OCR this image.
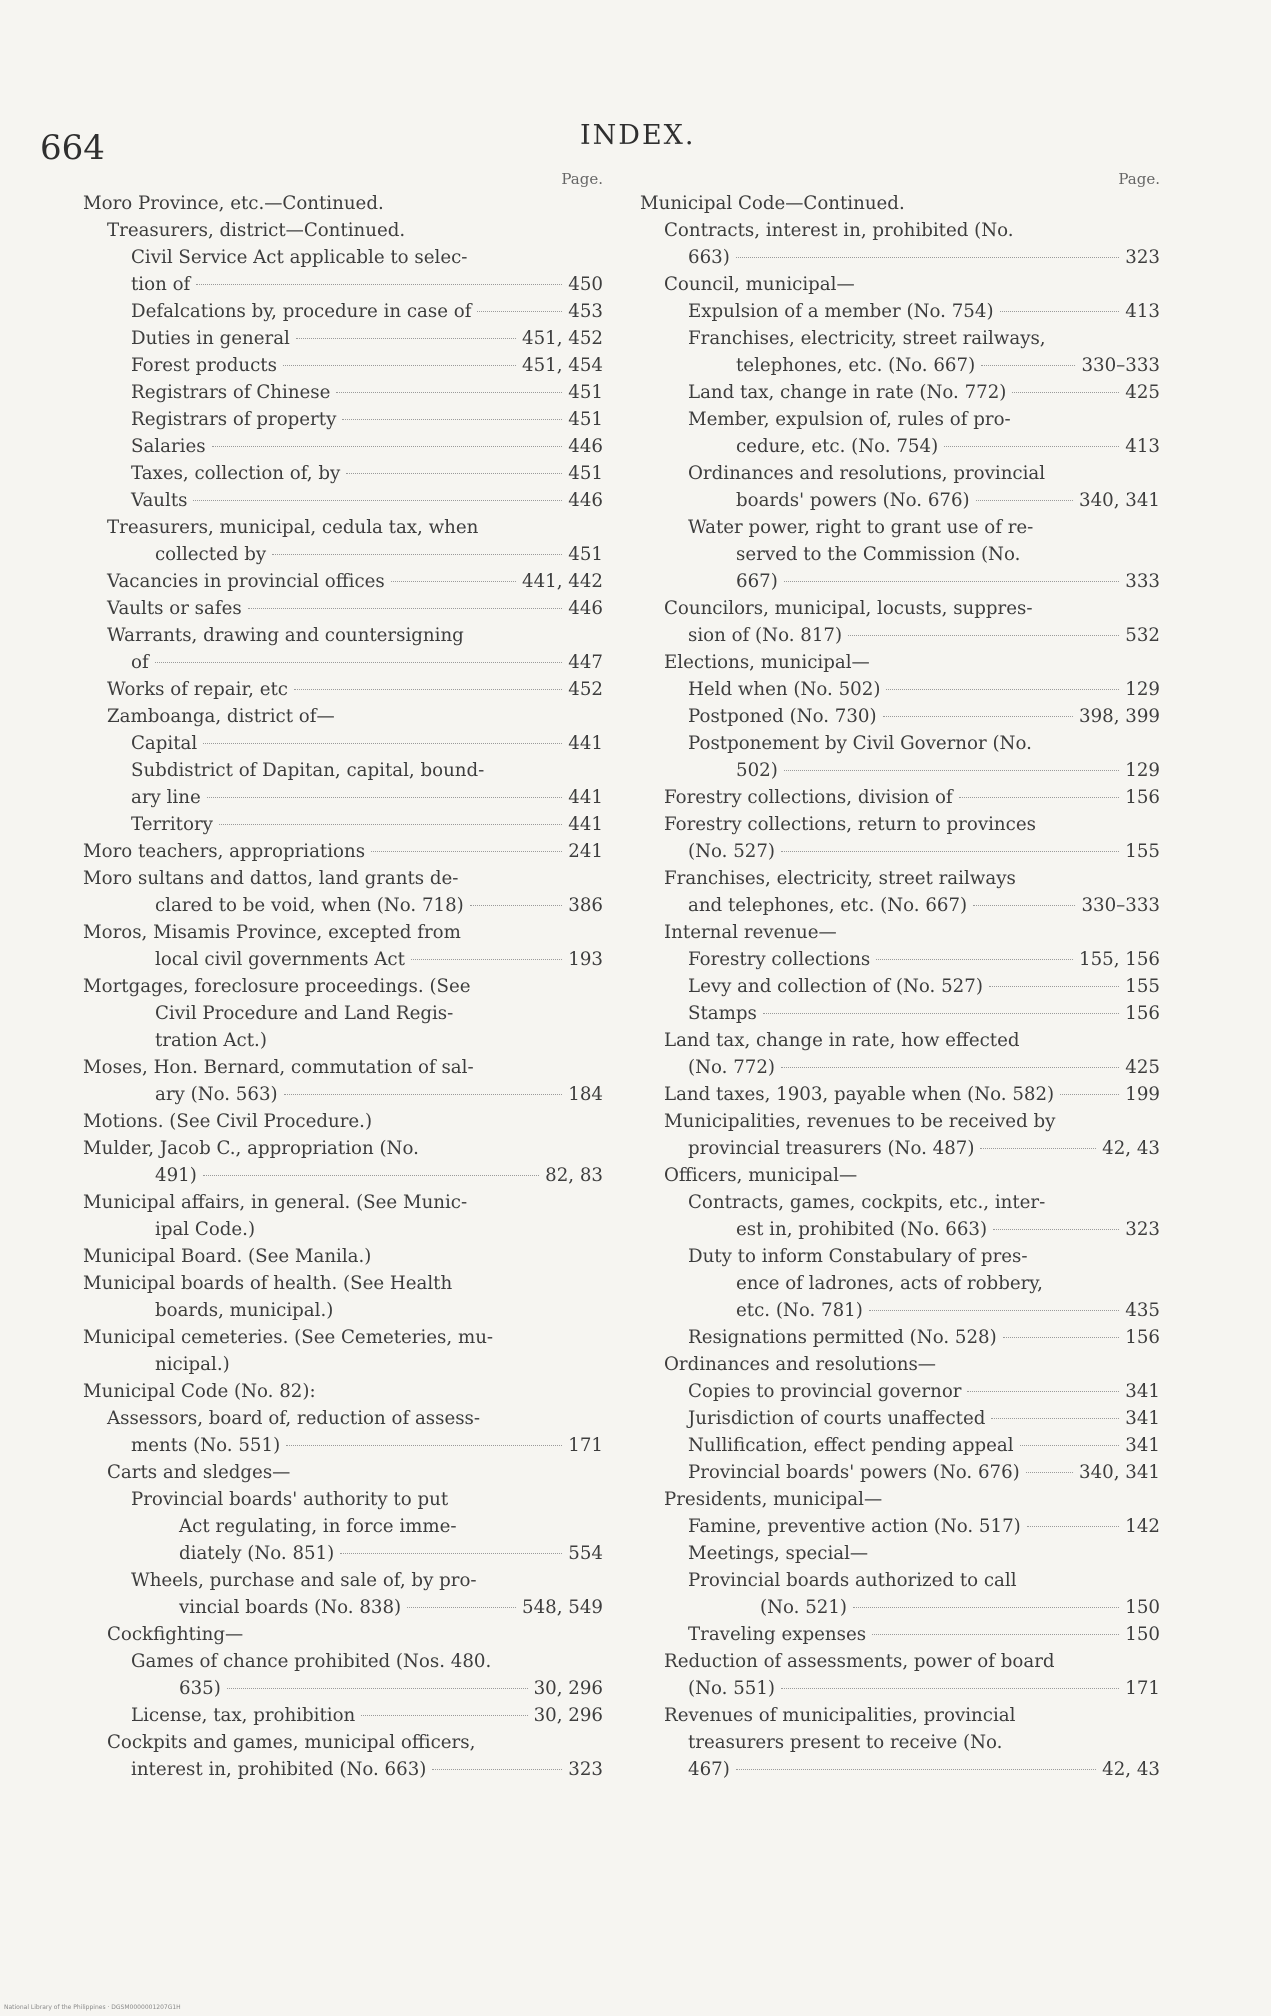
664	INDEX.
Page.
Moro Province, etc.—Continued.
Treasurers, district—Continued.
Civil Service Act applicable to selec-
tion of	450
Defalcations by, procedure in case of	453
Duties in general	451, 452
Forest products	451, 454
Registrars of Chinese	451
Registrars of property	451
Salaries	446
Taxes, collection of, by	451
Vaults	446
Treasurers, municipal, cedula tax, when
collected by	451
Vacancies in provincial offices	441, 442
Vaults or safes	446
Warrants, drawing and countersigning
of	447
Works of repair, etc	452
Zamboanga, district of—
Capital	441
Subdistrict of Dapitan, capital, bound-
ary line	441
Territory	441
Moro teachers, appropriations	241
Moro sultans and dattos, land grants de-
clared to be void, when (No. 718)	386
Moros, Misamis Province, excepted from
local civil governments Act	193
Mortgages, foreclosure proceedings. (See
Civil Procedure and Land Regis-
tration Act.)
Moses, Hon. Bernard, commutation of sal-
ary (No. 563)	184
Motions. (See Civil Procedure.)
Mulder, Jacob C., appropriation (No.
491)	82, 83
Municipal affairs, in general. (See Munic-
ipal Code.)
Municipal Board. (See Manila.)
Municipal boards of health. (See Health
boards, municipal.)
Municipal cemeteries. (See Cemeteries, mu-
nicipal.)
Municipal Code (No. 82):
Assessors, board of, reduction of assess-
ments (No. 551)	171
Carts and sledges—
Provincial boards' authority to put
Act regulating, in force imme-
diately (No. 851)	554
Wheels, purchase and sale of, by pro-
vincial boards (No. 838)	548, 549
Cockfighting—
Games of chance prohibited (Nos. 480.
635)	30, 296
License, tax, prohibition	30, 296
Cockpits and games, municipal officers,
interest in, prohibited (No. 663)	323
Page.
Municipal Code—Continued.
Contracts, interest in, prohibited (No.
663)	323
Council, municipal—
Expulsion of a member (No. 754)	413
Franchises, electricity, street railways,
telephones, etc. (No. 667)	330–333
Land tax, change in rate (No. 772)	425
Member, expulsion of, rules of pro-
cedure, etc. (No. 754)	413
Ordinances and resolutions, provincial
boards' powers (No. 676)	340, 341
Water power, right to grant use of re-
served to the Commission (No.
667)	333
Councilors, municipal, locusts, suppres-
sion of (No. 817)	532
Elections, municipal—
Held when (No. 502)	129
Postponed (No. 730)	398, 399
Postponement by Civil Governor (No.
502)	129
Forestry collections, division of	156
Forestry collections, return to provinces
(No. 527)	155
Franchises, electricity, street railways
and telephones, etc. (No. 667)	330–333
Internal revenue—
Forestry collections	155, 156
Levy and collection of (No. 527)	155
Stamps	156
Land tax, change in rate, how effected
(No. 772)	425
Land taxes, 1903, payable when (No. 582)	199
Municipalities, revenues to be received by
provincial treasurers (No. 487)	42, 43
Officers, municipal—
Contracts, games, cockpits, etc., inter-
est in, prohibited (No. 663)	323
Duty to inform Constabulary of pres-
ence of ladrones, acts of robbery,
etc. (No. 781)	435
Resignations permitted (No. 528)	156
Ordinances and resolutions—
Copies to provincial governor	341
Jurisdiction of courts unaffected	341
Nullification, effect pending appeal	341
Provincial boards' powers (No. 676)	340, 341
Presidents, municipal—
Famine, preventive action (No. 517)	142
Meetings, special—
Provincial boards authorized to call
(No. 521)	150
Traveling expenses	150
Reduction of assessments, power of board
(No. 551)	171
Revenues of municipalities, provincial
treasurers present to receive (No.
467)	42, 43
National Library of the Philippines · DGSM0000001207G1H
